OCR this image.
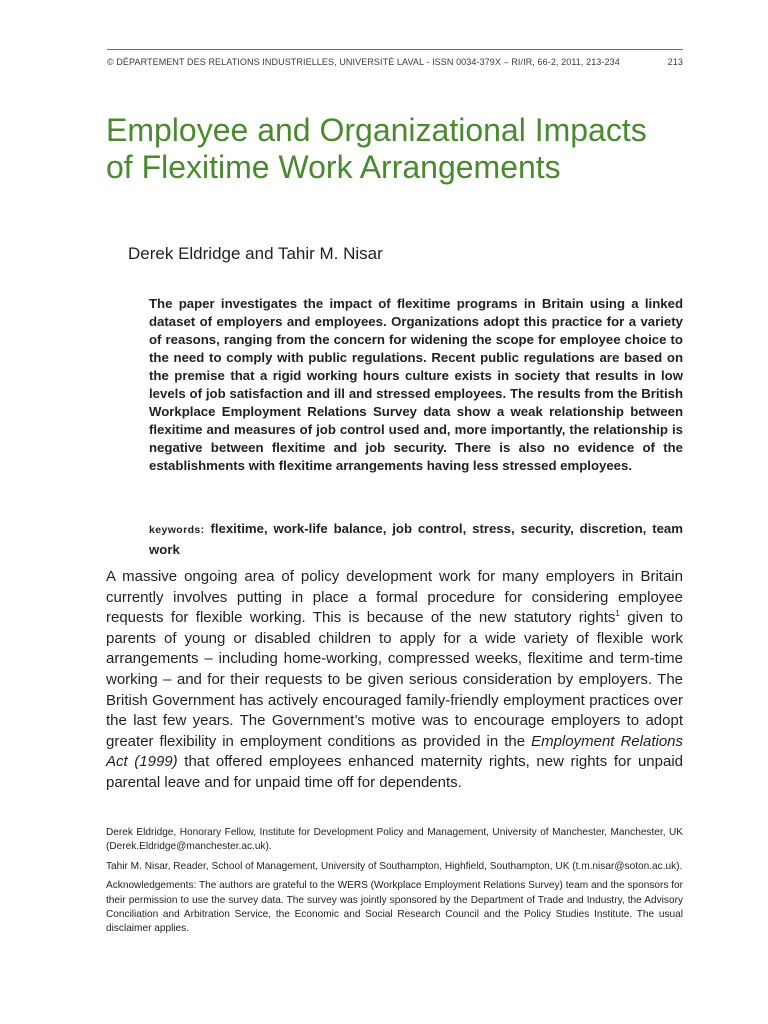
© DÉPARTEMENT DES RELATIONS INDUSTRIELLES, UNIVERSITÉ LAVAL - ISSN 0034-379X – RI/IR, 66-2, 2011, 213-234	213
Employee and Organizational Impacts of Flexitime Work Arrangements
Derek Eldridge and Tahir M. Nisar

The paper investigates the impact of flexitime programs in Britain using a linked dataset of employers and employees. Organizations adopt this practice for a variety of reasons, ranging from the concern for widening the scope for employee choice to the need to comply with public regulations. Recent public regulations are based on the premise that a rigid working hours culture exists in society that results in low levels of job satisfaction and ill and stressed employees. The results from the British Workplace Employment Relations Survey data show a weak relationship between flexitime and measures of job control used and, more importantly, the relationship is negative between flexitime and job security. There is also no evidence of the establishments with flexitime arrangements having less stressed employees.

keywords: flexitime, work-life balance, job control, stress, security, discretion, team work

A massive ongoing area of policy development work for many employers in Britain currently involves putting in place a formal procedure for considering employee requests for flexible working. This is because of the new statutory rights$^1$ given to parents of young or disabled children to apply for a wide variety of flexible work arrangements – including home-working, compressed weeks, flexitime and term-time working – and for their requests to be given serious consideration by employers. The British Government has actively encouraged family-friendly employment practices over the last few years. The Government’s motive was to encourage employers to adopt greater flexibility in employment conditions as provided in the Employment Relations Act (1999) that offered employees enhanced maternity rights, new rights for unpaid parental leave and for unpaid time off for dependents.

Derek Eldridge, Honorary Fellow, Institute for Development Policy and Management, University of Manchester, Manchester, UK (Derek.Eldridge@manchester.ac.uk).

Tahir M. Nisar, Reader, School of Management, University of Southampton, Highfield, Southampton, UK (t.m.nisar@soton.ac.uk).

Acknowledgements: The authors are grateful to the WERS (Workplace Employment Relations Survey) team and the sponsors for their permission to use the survey data. The survey was jointly sponsored by the Department of Trade and Industry, the Advisory Conciliation and Arbitration Service, the Economic and Social Research Council and the Policy Studies Institute. The usual disclaimer applies.
